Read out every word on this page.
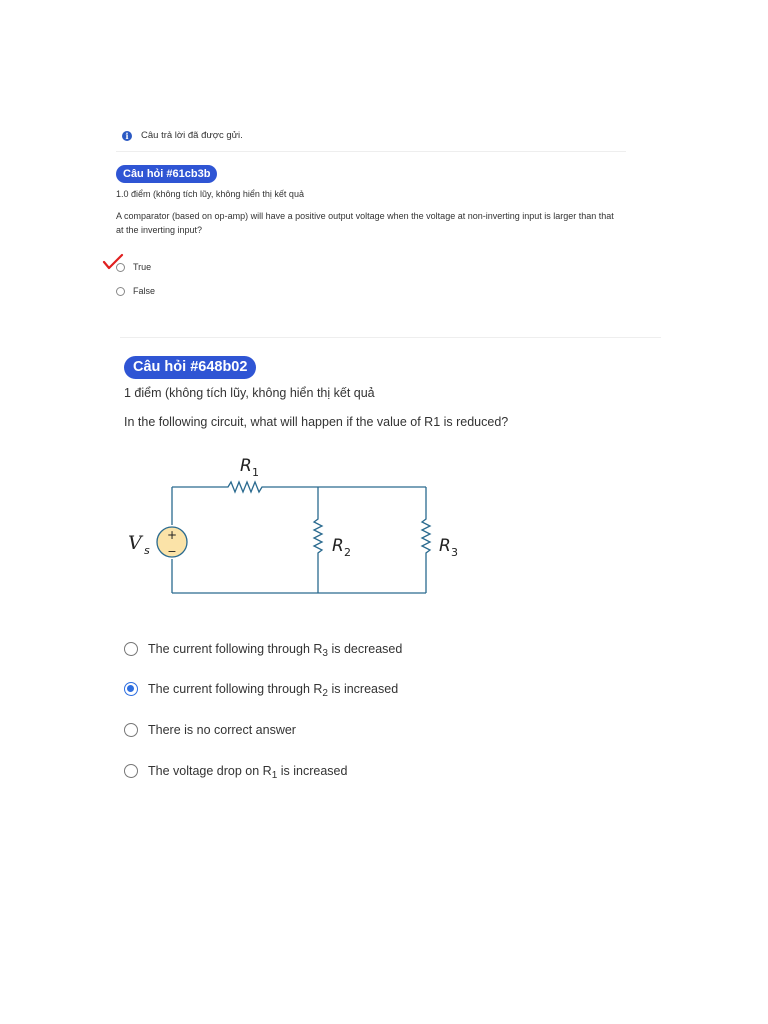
i	Câu trả lời đã được gửi.
Câu hỏi #61cb3b
1.0 điểm (không tích lũy, không hiển thị kết quả
A comparator (based on op-amp) will have a positive output voltage when the voltage at non-inverting input is larger than that at the inverting input?
True
False
Câu hỏi #648b02
1 điểm (không tích lũy, không hiển thị kết quả
In the following circuit, what will happen if the value of R1 is reduced?
+
−
V s
R 1
R 2	R 3
The current following through $R_3$ is decreased
The current following through $R_2$ is increased
There is no correct answer
The voltage drop on $R_1$ is increased
